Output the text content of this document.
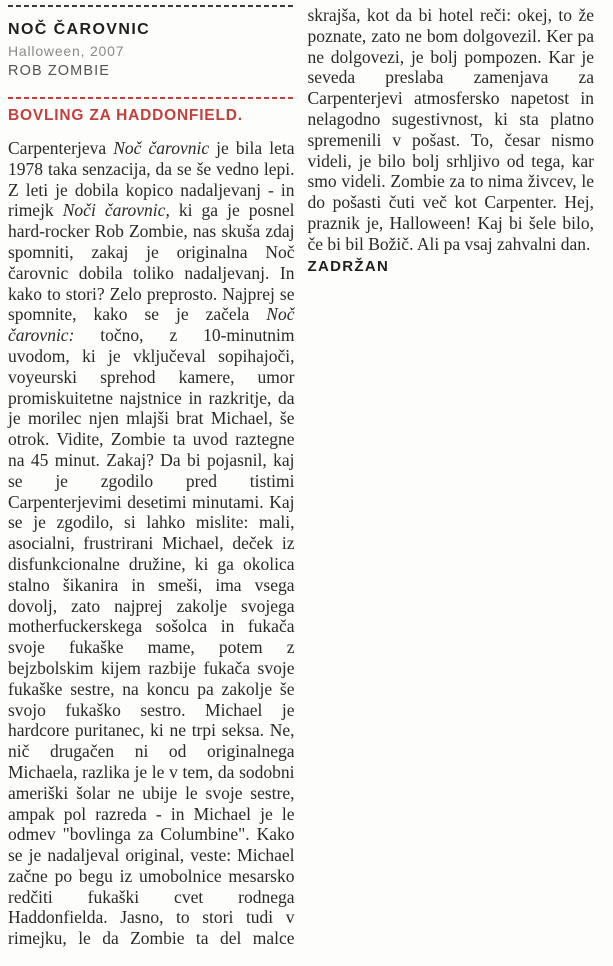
NOČ ČAROVNIC
Halloween, 2007
ROB ZOMBIE
BOVLING ZA HADDONFIELD.

Carpenterjeva Noč čarovnic je bila leta 1978 taka senzacija, da se še vedno lepi. Z leti je dobila kopico nadaljevanj - in rimejk Noči čarovnic, ki ga je posnel hard-rocker Rob Zombie, nas skuša zdaj spomniti, zakaj je originalna Noč čarovnic dobila toliko nadaljevanj. In kako to stori? Zelo preprosto. Najprej se spomnite, kako se je začela Noč čarovnic: točno, z 10-minutnim uvodom, ki je vključeval sopihajoči, voyeurski sprehod kamere, umor promiskuitetne najstnice in razkritje, da je morilec njen mlajši brat Michael, še otrok. Vidite, Zombie ta uvod raztegne na 45 minut. Zakaj? Da bi pojasnil, kaj se je zgodilo pred tistimi Carpenterjevimi desetimi minutami. Kaj se je zgodilo, si lahko mislite: mali, asocialni, frustrirani Michael, deček iz disfunkcionalne družine, ki ga okolica stalno šikanira in smeši, ima vsega dovolj, zato najprej zakolje svojega motherfuckerskega sošolca in fukača svoje fukaške mame, potem z bejzbolskim kijem razbije fukača svoje fukaške sestre, na koncu pa zakolje še svojo fukaško sestro. Michael je hardcore puritanec, ki ne trpi seksa. Ne, nič drugačen ni od originalnega Michaela, razlika je le v tem, da sodobni ameriški šolar ne ubije le svoje sestre, ampak pol razreda - in Michael je le odmev "bovlinga za Columbine". Kako se je nadaljeval original, veste: Michael začne po begu iz umobolnice mesarsko redčiti fukaški cvet rodnega Haddonfielda. Jasno, to stori tudi v rimejku, le da Zombie ta del malce skrajša, kot da bi hotel reči: okej, to že poznate, zato ne bom dolgovezil. Ker pa ne dolgovezi, je bolj pompozen. Kar je seveda preslaba zamenjava za Carpenterjevi atmosfersko napetost in nelagodno sugestivnost, ki sta platno spremenili v pošast. To, česar nismo videli, je bilo bolj srhljivo od tega, kar smo videli. Zombie za to nima živcev, le do pošasti čuti več kot Carpenter. Hej, praznik je, Halloween! Kaj bi šele bilo, če bi bil Božič. Ali pa vsaj zahvalni dan.

ZADRŽAN
